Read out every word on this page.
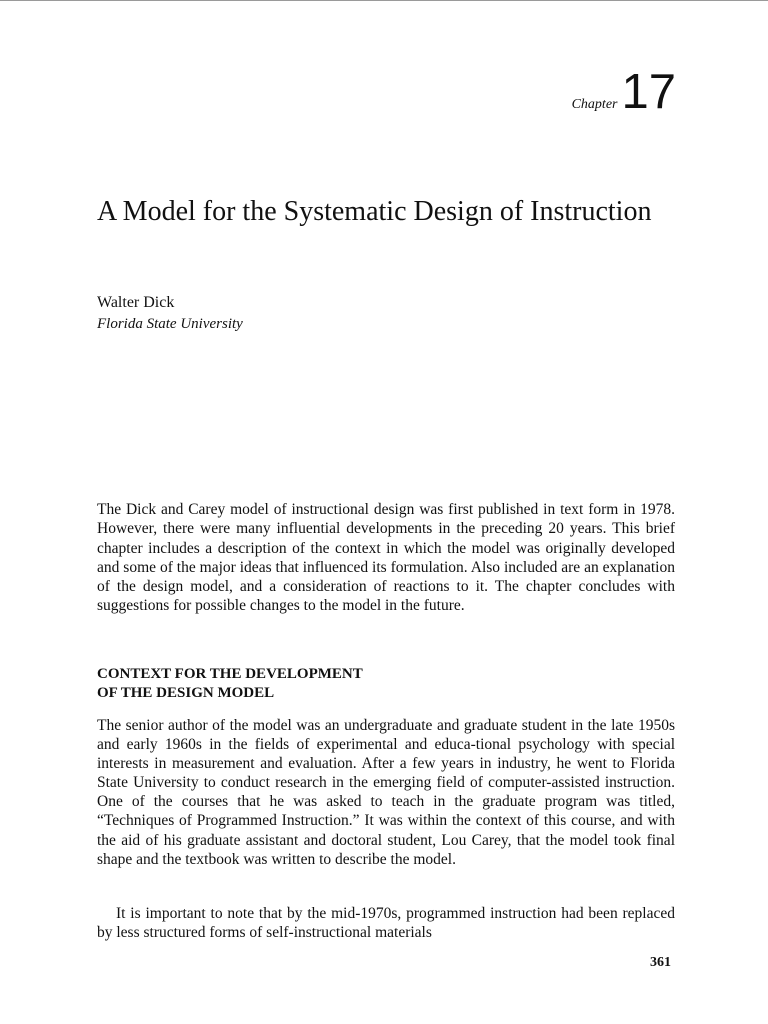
Chapter 17
A Model for the Systematic Design of Instruction
Walter Dick
Florida State University

The Dick and Carey model of instructional design was first published in text form in 1978. However, there were many influential developments in the preceding 20 years. This brief chapter includes a description of the context in which the model was originally developed and some of the major ideas that influenced its formulation. Also included are an explanation of the design model, and a consideration of reactions to it. The chapter concludes with suggestions for possible changes to the model in the future.

CONTEXT FOR THE DEVELOPMENT
OF THE DESIGN MODEL

The senior author of the model was an undergraduate and graduate student in the late 1950s and early 1960s in the fields of experimental and educa-tional psychology with special interests in measurement and evaluation. After a few years in industry, he went to Florida State University to conduct research in the emerging field of computer-assisted instruction. One of the courses that he was asked to teach in the graduate program was titled, “Techniques of Programmed Instruction.” It was within the context of this course, and with the aid of his graduate assistant and doctoral student, Lou Carey, that the model took final shape and the textbook was written to describe the model.

It is important to note that by the mid-1970s, programmed instruction had been replaced by less structured forms of self-instructional materials

361
